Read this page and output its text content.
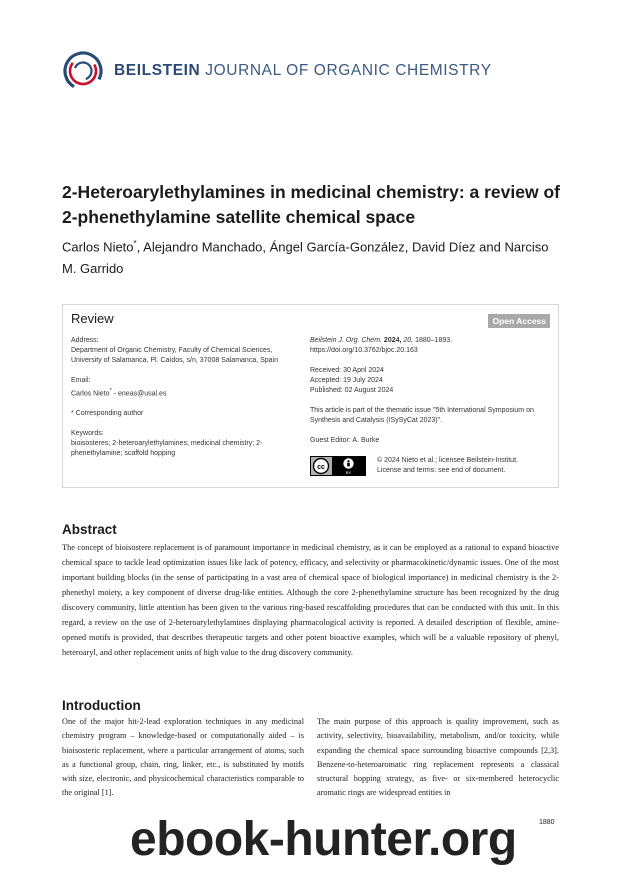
BEILSTEIN JOURNAL OF ORGANIC CHEMISTRY
2-Heteroarylethylamines in medicinal chemistry: a review of 2-phenethylamine satellite chemical space
Carlos Nieto*, Alejandro Manchado, Ángel García-González, David Díez and Narciso M. Garrido
Review	Open Access
Address:
Department of Organic Chemistry, Faculty of Chemical Sciences, University of Salamanca, Pl. Caídos, s/n, 37008 Salamanca, Spain
Email:
Carlos Nieto* - eneas@usal.es
* Corresponding author
Keywords:
bioisosteres; 2-heteroarylethylamines; medicinal chemistry; 2-phenethylamine; scaffold hopping
Beilstein J. Org. Chem. 2024, 20, 1880–1893.
https://doi.org/10.3762/bjoc.20.163
Received: 30 April 2024
Accepted: 19 July 2024
Published: 02 August 2024
This article is part of the thematic issue "5th International Symposium on Synthesis and Catalysis (ISySyCat 2023)".
Guest Editor: A. Burke
cc
BY
© 2024 Nieto et al.; licensee Beilstein-Institut.
License and terms: see end of document.
Abstract

The concept of bioisostere replacement is of paramount importance in medicinal chemistry, as it can be employed as a rational to expand bioactive chemical space to tackle lead optimization issues like lack of potency, efficacy, and selectivity or pharmacokinetic/dynamic issues. One of the most important building blocks (in the sense of participating in a vast area of chemical space of biological importance) in medicinal chemistry is the 2-phenethyl moiety, a key component of diverse drug-like entities. Although the core 2-phenethylamine structure has been recognized by the drug discovery community, little attention has been given to the various ring-based rescaffolding procedures that can be conducted with this unit. In this regard, a review on the use of 2-heteroarylethylamines displaying pharmacological activity is reported. A detailed description of flexible, amine-opened motifs is provided, that describes therapeutic targets and other potent bioactive examples, which will be a valuable repository of phenyl, heteroaryl, and other replacement units of high value to the drug discovery community.

Introduction

One of the major hit-2-lead exploration techniques in any medicinal chemistry program – knowledge-based or computationally aided – is bioisosteric replacement, where a particular arrangement of atoms, such as a functional group, chain, ring, linker, etc., is substituted by motifs with size, electronic, and physicochemical characteristics comparable to the original [1].

The main purpose of this approach is quality improvement, such as activity, selectivity, bioavailability, metabolism, and/or toxicity, while expanding the chemical space surrounding bioactive compounds [2,3]. Benzene-to-heteroaromatic ring replacement represents a classical structural hopping strategy, as five- or six-membered heterocyclic aromatic rings are widespread entities in

1880
ebook-hunter.org
